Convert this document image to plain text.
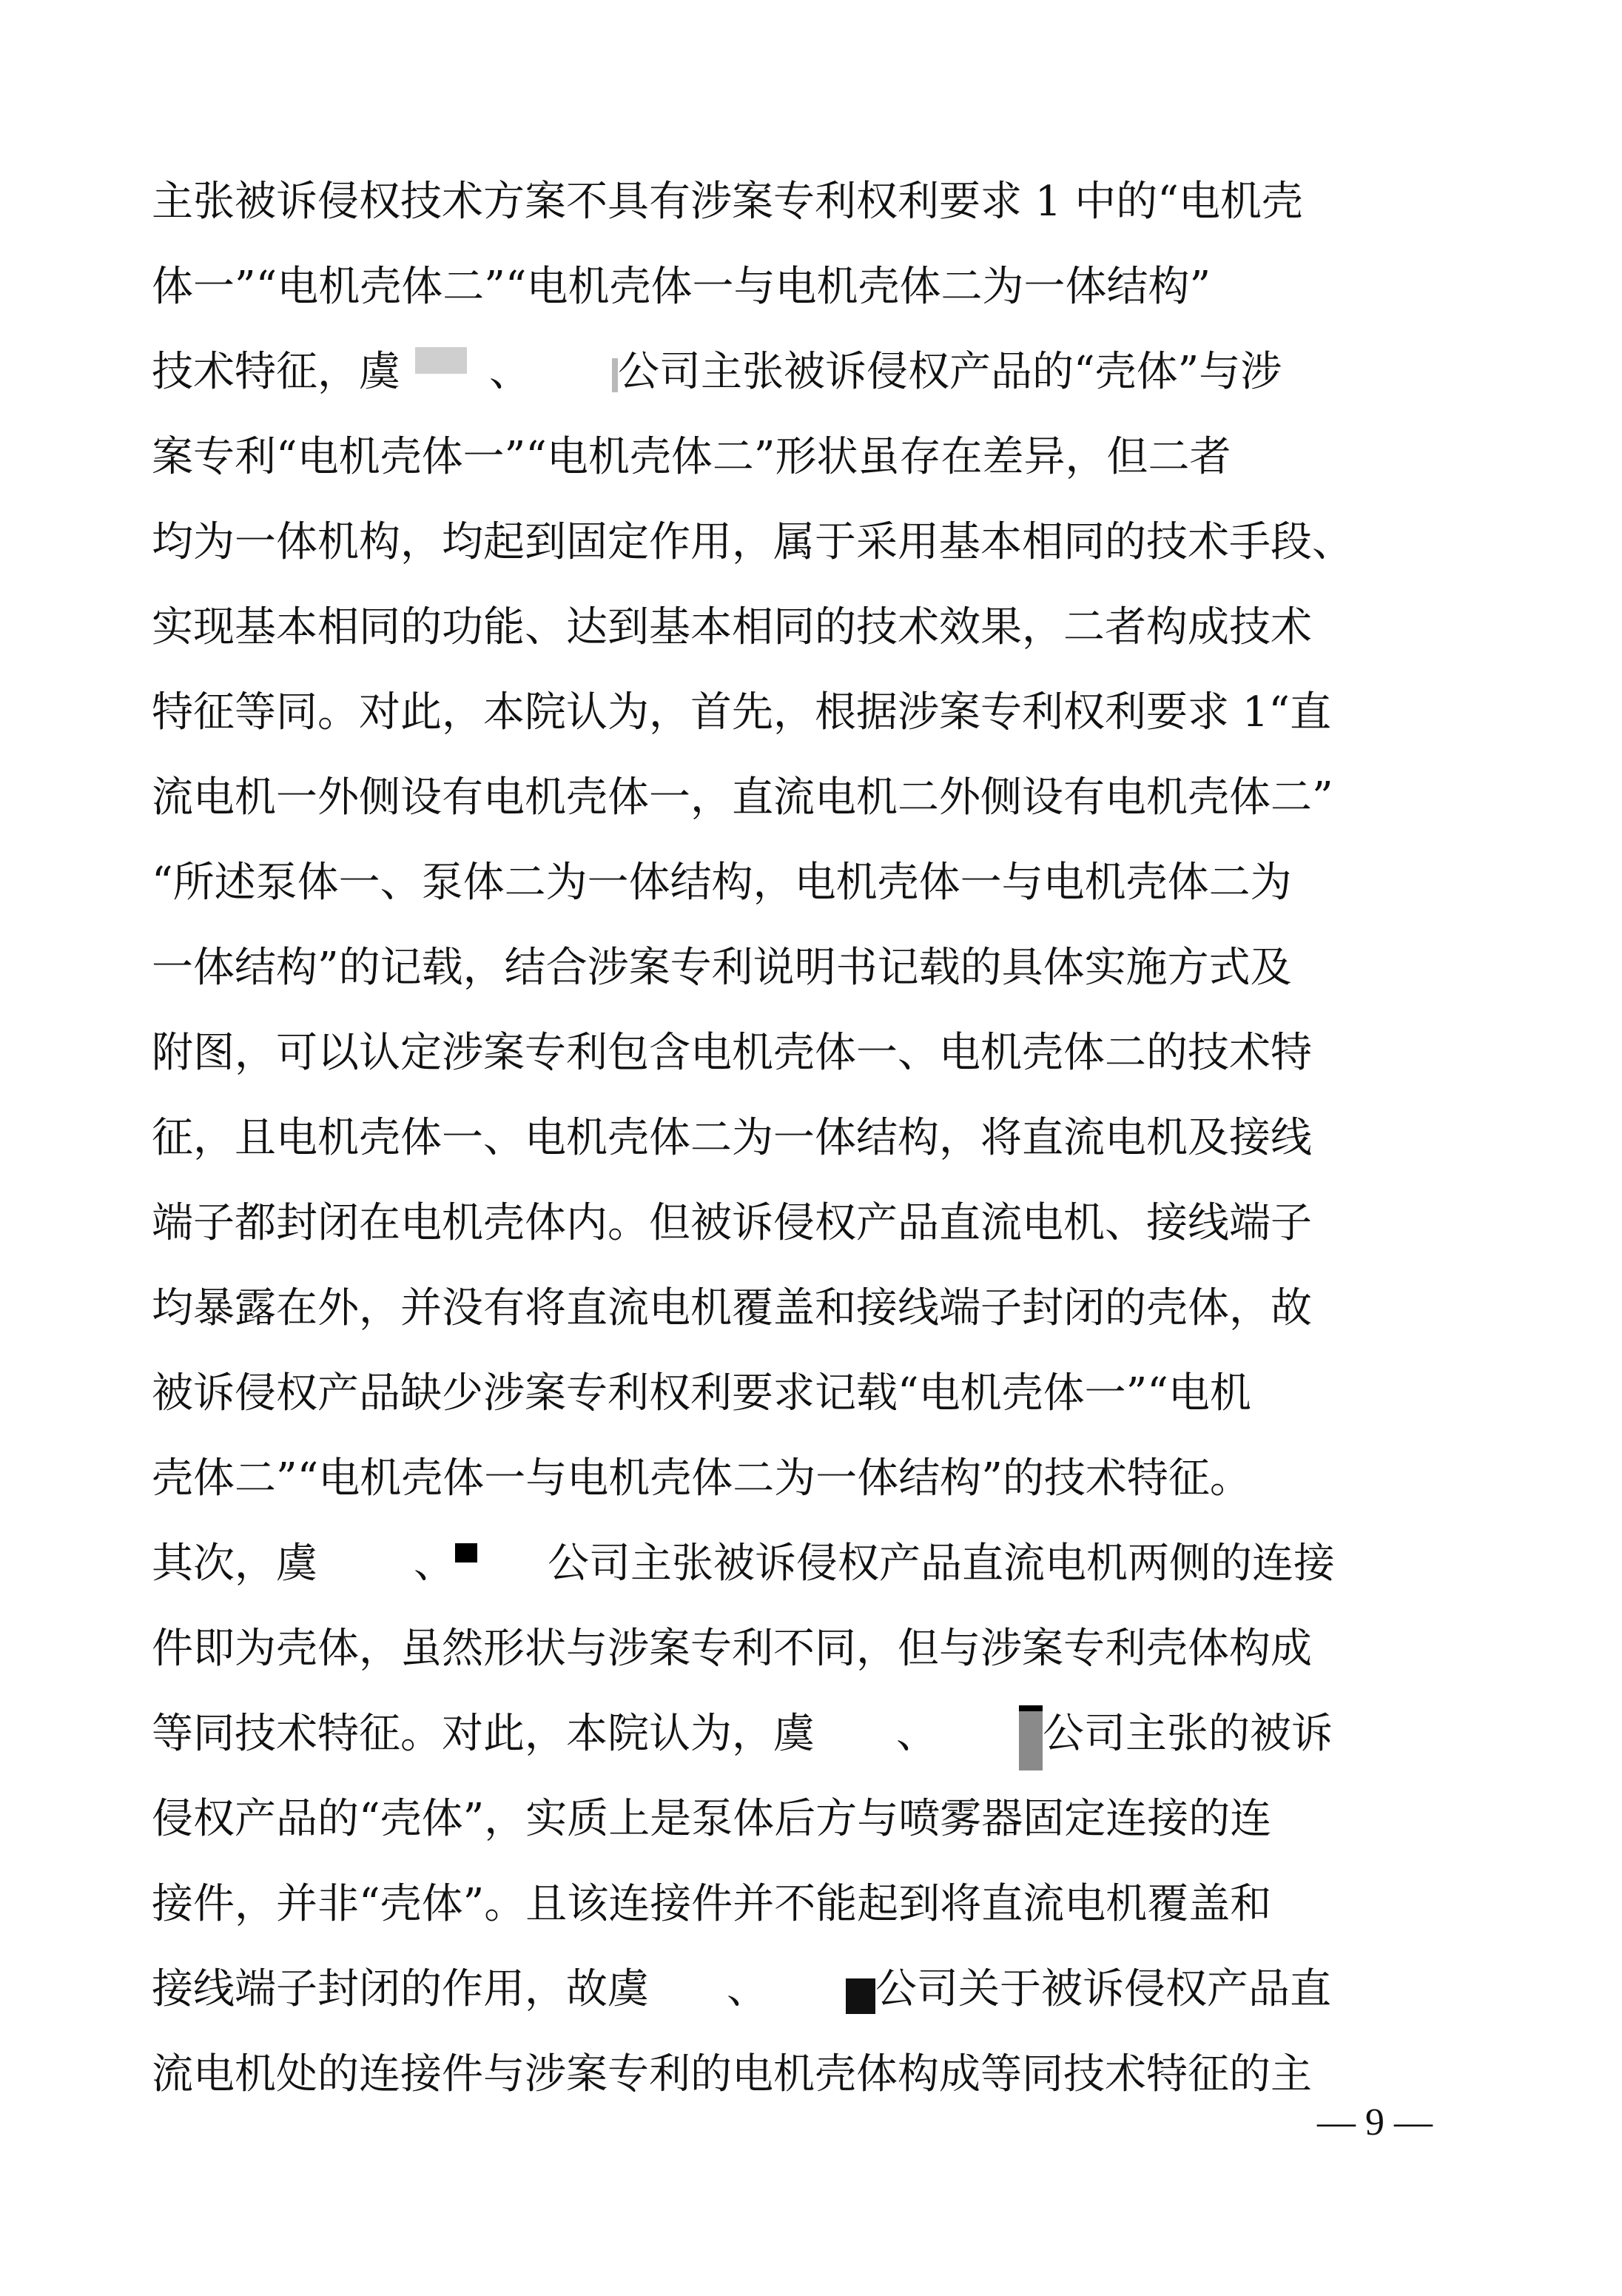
主张被诉侵权技术方案不具有涉案专利权利要求 1 中的“电机壳
体一”“电机壳体二”“电机壳体一与电机壳体二为一体结构”
技术特征，虞 、 公司主张被诉侵权产品的“壳体”与涉
案专利“电机壳体一”“电机壳体二”形状虽存在差异，但二者
均为一体机构，均起到固定作用，属于采用基本相同的技术手段、
实现基本相同的功能、达到基本相同的技术效果，二者构成技术
特征等同。对此，本院认为，首先，根据涉案专利权利要求 1“直
流电机一外侧设有电机壳体一，直流电机二外侧设有电机壳体二”
“所述泵体一、泵体二为一体结构，电机壳体一与电机壳体二为
一体结构”的记载，结合涉案专利说明书记载的具体实施方式及
附图，可以认定涉案专利包含电机壳体一、电机壳体二的技术特
征，且电机壳体一、电机壳体二为一体结构，将直流电机及接线
端子都封闭在电机壳体内。但被诉侵权产品直流电机、接线端子
均暴露在外，并没有将直流电机覆盖和接线端子封闭的壳体，故
被诉侵权产品缺少涉案专利权利要求记载“电机壳体一”“电机
壳体二”“电机壳体一与电机壳体二为一体结构”的技术特征。
其次，虞 、 公司主张被诉侵权产品直流电机两侧的连接
件即为壳体，虽然形状与涉案专利不同，但与涉案专利壳体构成
等同技术特征。对此，本院认为，虞 、	公司主张的被诉
侵权产品的“壳体”，实质上是泵体后方与喷雾器固定连接的连
接件，并非“壳体”。且该连接件并不能起到将直流电机覆盖和
接线端子封闭的作用，故虞 、	公司关于被诉侵权产品直
流电机处的连接件与涉案专利的电机壳体构成等同技术特征的主
— 9 —
